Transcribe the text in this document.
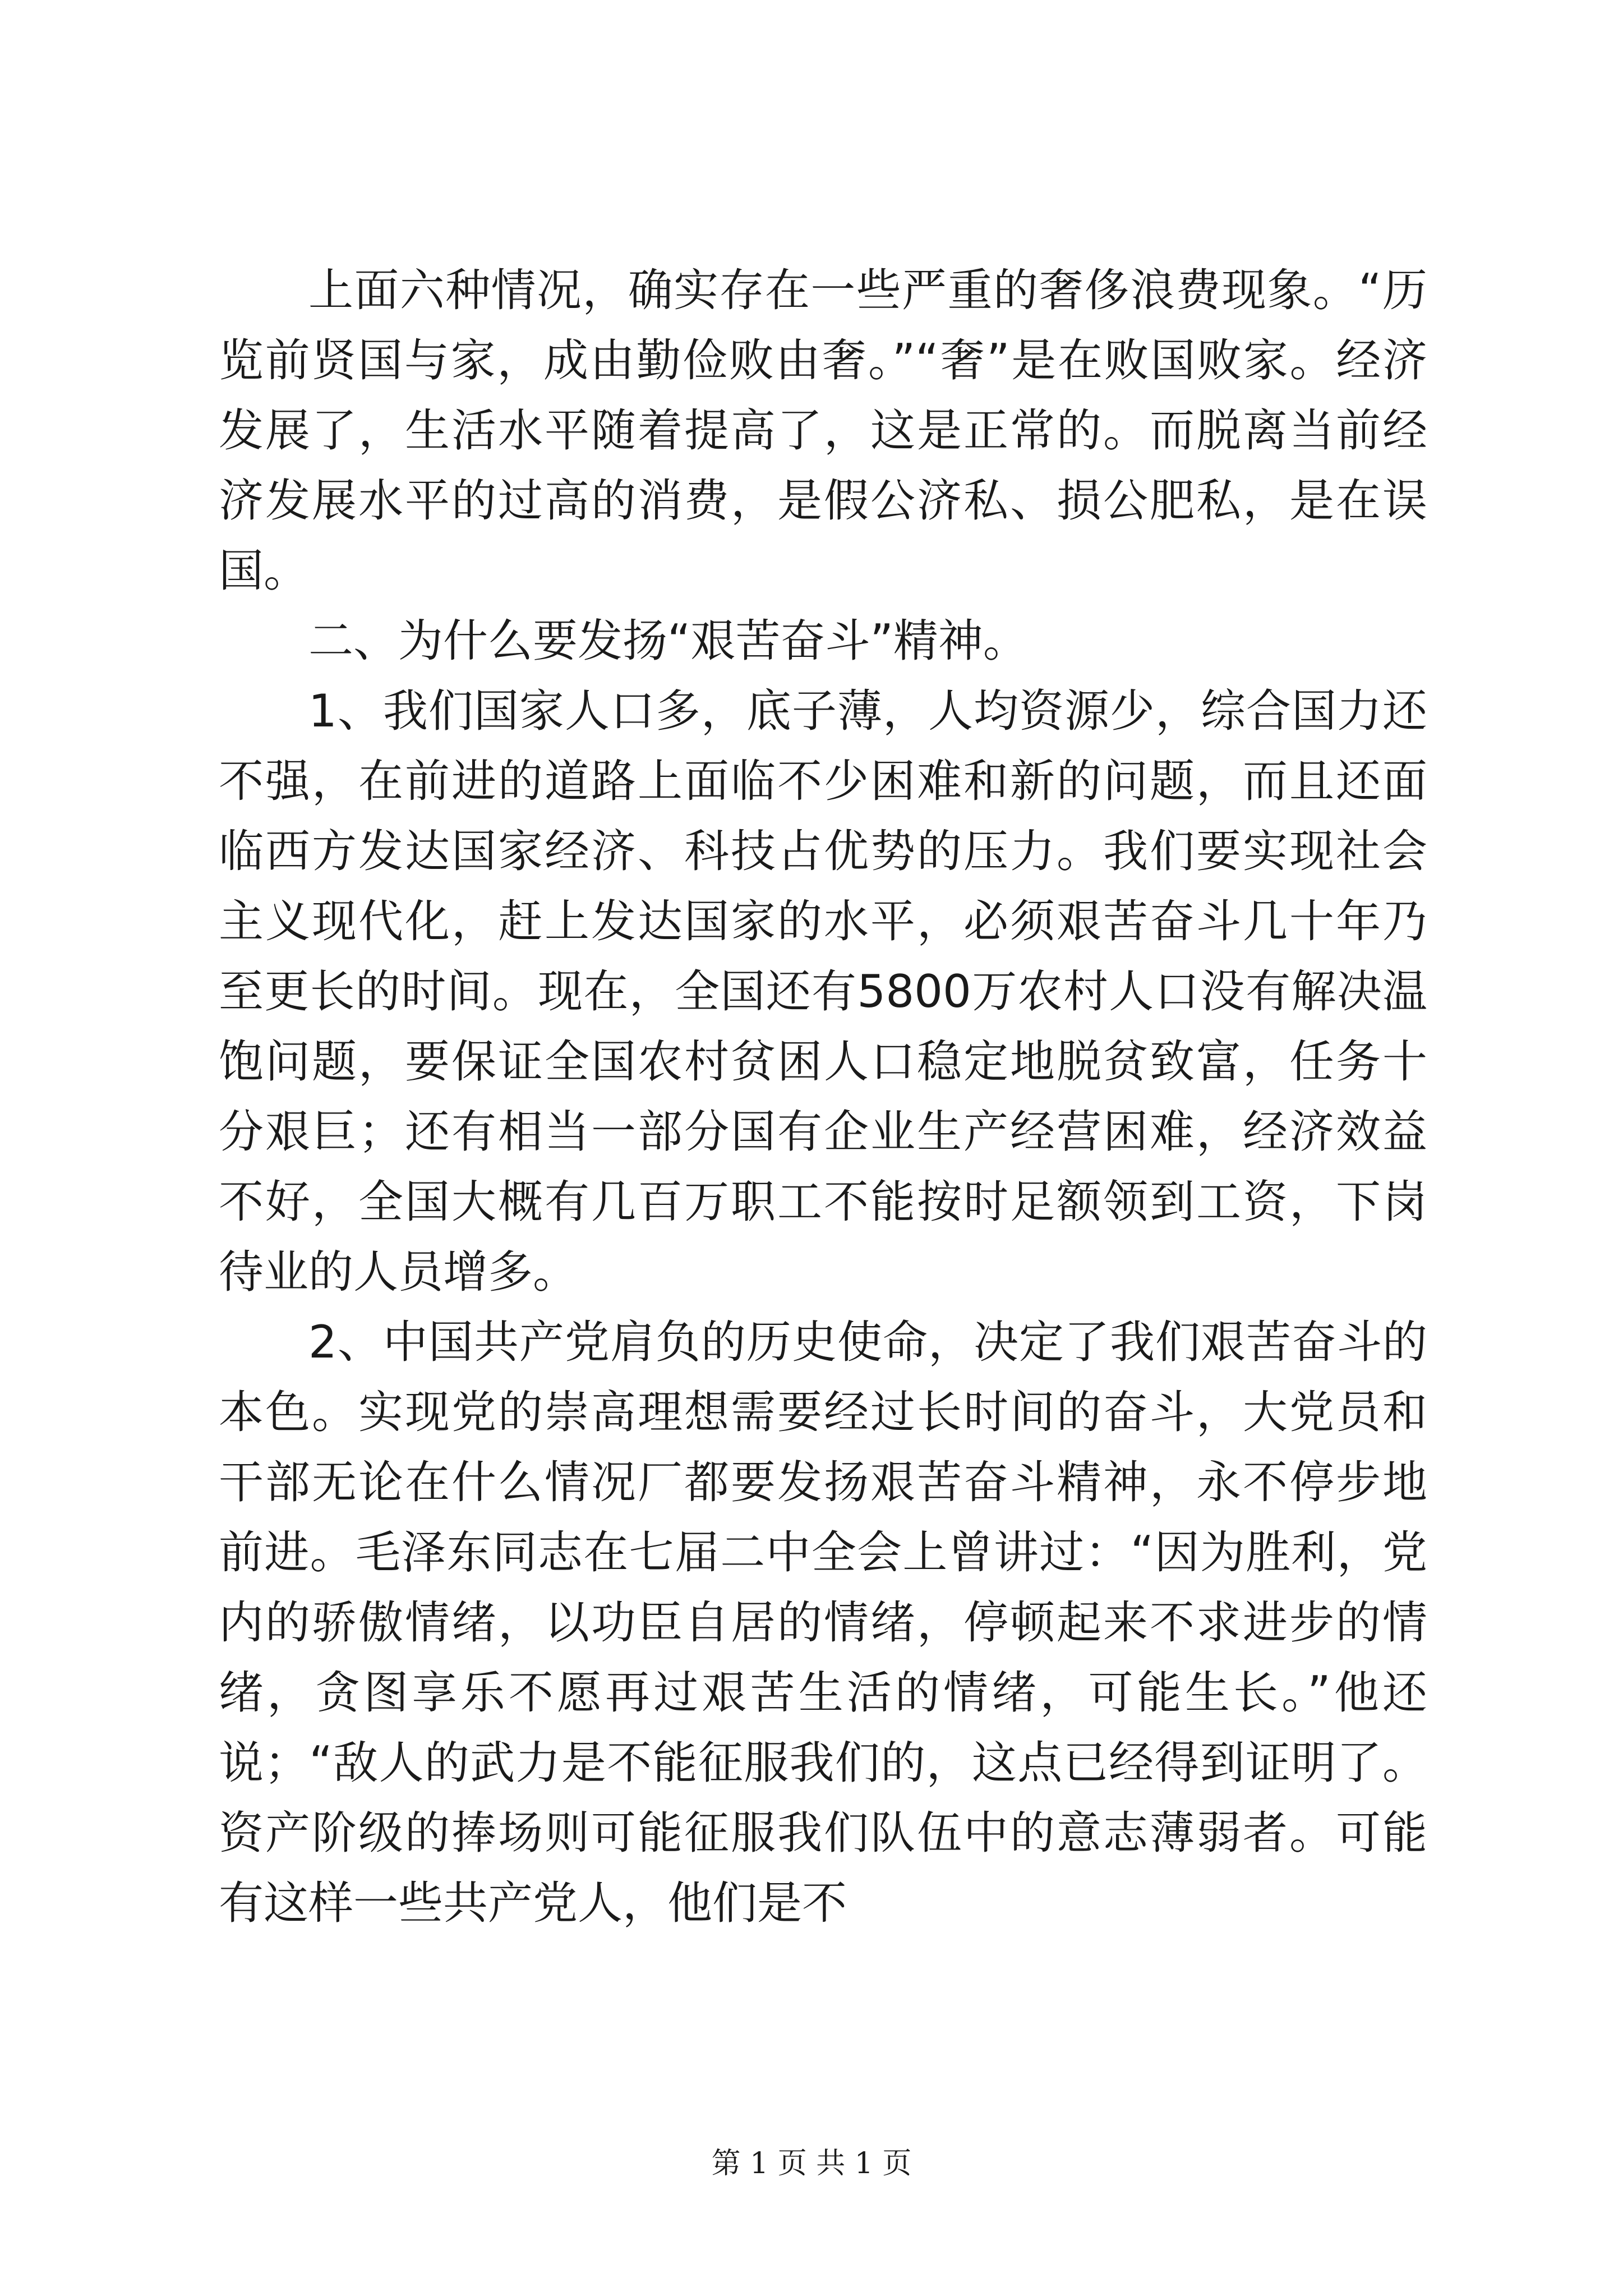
上面六种情况，确实存在一些严重的奢侈浪费现象。“历览前贤国与家，成由勤俭败由奢。”“奢”是在败国败家。经济发展了，生活水平随着提高了，这是正常的。而脱离当前经济发展水平的过高的消费，是假公济私、损公肥私，是在误国。

二、为什么要发扬“艰苦奋斗”精神。

1、我们国家人口多，底子薄，人均资源少，综合国力还不强，在前进的道路上面临不少困难和新的问题，而且还面临西方发达国家经济、科技占优势的压力。我们要实现社会主义现代化，赶上发达国家的水平，必须艰苦奋斗几十年乃至更长的时间。现在，全国还有5800万农村人口没有解决温饱问题，要保证全国农村贫困人口稳定地脱贫致富，任务十分艰巨；还有相当一部分国有企业生产经营困难，经济效益不好，全国大概有几百万职工不能按时足额领到工资，下岗待业的人员增多。

2、中国共产党肩负的历史使命，决定了我们艰苦奋斗的本色。实现党的崇高理想需要经过长时间的奋斗，大党员和干部无论在什么情况厂都要发扬艰苦奋斗精神，永不停步地前进。毛泽东同志在七届二中全会上曾讲过：“因为胜利，党内的骄傲情绪，以功臣自居的情绪，停顿起来不求进步的情绪，贪图享乐不愿再过艰苦生活的情绪，可能生长。”他还说；“敌人的武力是不能征服我们的，这点已经得到证明了。资产阶级的捧场则可能征服我们队伍中的意志薄弱者。可能有这样一些共产党人，他们是不

第 1 页 共 1 页
